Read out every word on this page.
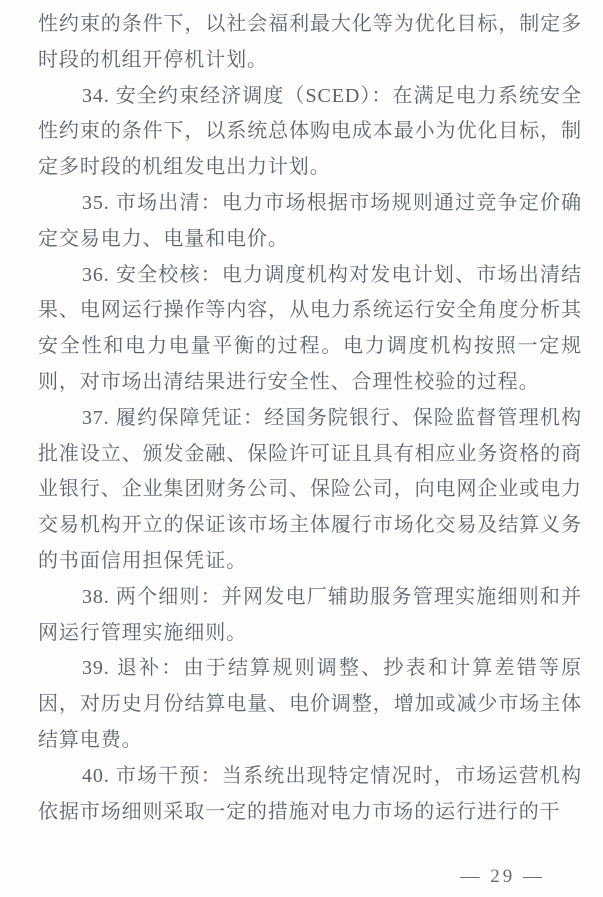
性约束的条件下，以社会福利最大化等为优化目标，制定多时段的机组开停机计划。

34. 安全约束经济调度（SCED）：在满足电力系统安全性约束的条件下，以系统总体购电成本最小为优化目标，制定多时段的机组发电出力计划。

35. 市场出清：电力市场根据市场规则通过竞争定价确定交易电力、电量和电价。

36. 安全校核：电力调度机构对发电计划、市场出清结果、电网运行操作等内容，从电力系统运行安全角度分析其安全性和电力电量平衡的过程。电力调度机构按照一定规则，对市场出清结果进行安全性、合理性校验的过程。

37. 履约保障凭证：经国务院银行、保险监督管理机构批准设立、颁发金融、保险许可证且具有相应业务资格的商业银行、企业集团财务公司、保险公司，向电网企业或电力交易机构开立的保证该市场主体履行市场化交易及结算义务的书面信用担保凭证。

38. 两个细则：并网发电厂辅助服务管理实施细则和并网运行管理实施细则。

39. 退补：由于结算规则调整、抄表和计算差错等原因，对历史月份结算电量、电价调整，增加或减少市场主体结算电费。

40. 市场干预：当系统出现特定情况时，市场运营机构依据市场细则采取一定的措施对电力市场的运行进行的干

— 29 —
